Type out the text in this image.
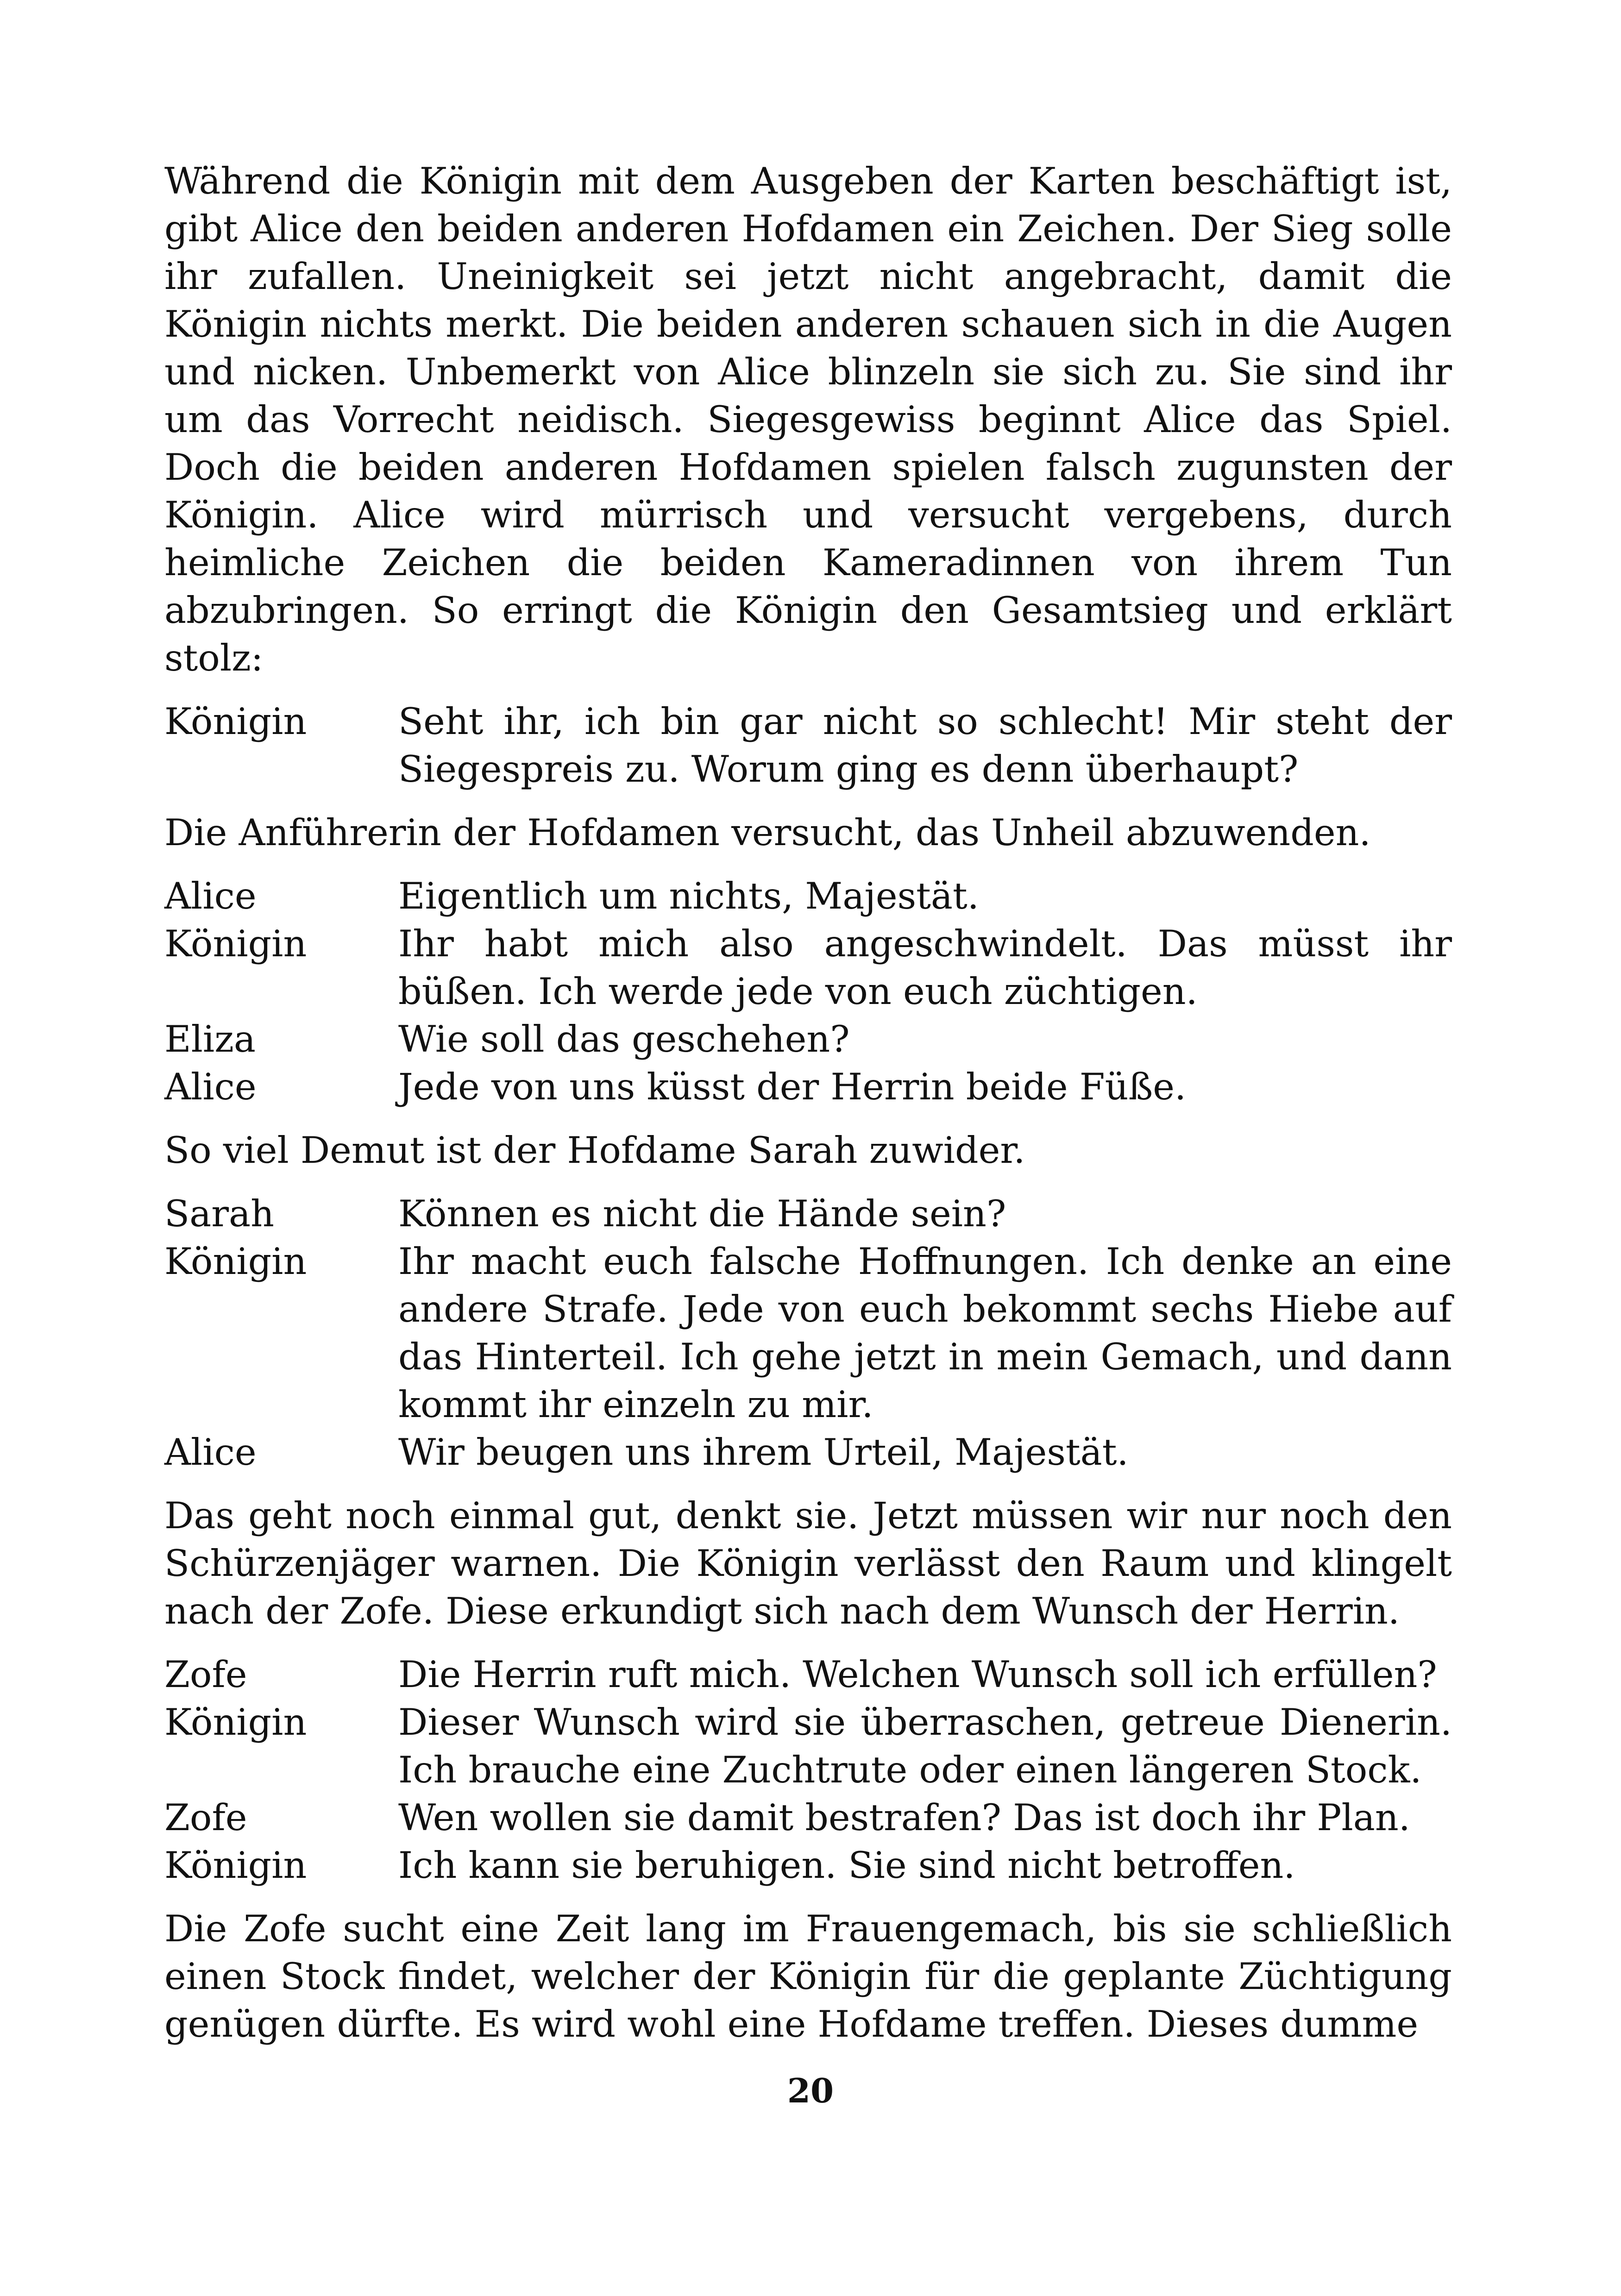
Während die Königin mit dem Ausgeben der Karten beschäftigt ist, gibt Alice den beiden anderen Hofdamen ein Zeichen. Der Sieg solle ihr zufallen. Uneinigkeit sei jetzt nicht angebracht, damit die Königin nichts merkt. Die beiden anderen schauen sich in die Augen und nicken. Unbemerkt von Alice blinzeln sie sich zu. Sie sind ihr um das Vorrecht neidisch. Siegesgewiss beginnt Alice das Spiel. Doch die beiden anderen Hofdamen spielen falsch zugunsten der Königin. Alice wird mürrisch und versucht vergebens, durch heimliche Zeichen die beiden Kameradinnen von ihrem Tun abzubringen. So erringt die Königin den Gesamtsieg und erklärt stolz:

Königin	Seht ihr, ich bin gar nicht so schlecht! Mir steht der Siegespreis zu. Worum ging es denn überhaupt?

Die Anführerin der Hofdamen versucht, das Unheil abzuwenden.

Alice	Eigentlich um nichts, Majestät.
Königin	Ihr habt mich also angeschwindelt. Das müsst ihr büßen. Ich werde jede von euch züchtigen.
Eliza	Wie soll das geschehen?
Alice	Jede von uns küsst der Herrin beide Füße.

So viel Demut ist der Hofdame Sarah zuwider.

Sarah	Können es nicht die Hände sein?
Königin	Ihr macht euch falsche Hoffnungen. Ich denke an eine andere Strafe. Jede von euch bekommt sechs Hiebe auf das Hinterteil. Ich gehe jetzt in mein Gemach, und dann kommt ihr einzeln zu mir.
Alice	Wir beugen uns ihrem Urteil, Majestät.

Das geht noch einmal gut, denkt sie. Jetzt müssen wir nur noch den Schürzenjäger warnen. Die Königin verlässt den Raum und klingelt nach der Zofe. Diese erkundigt sich nach dem Wunsch der Herrin.

Zofe	Die Herrin ruft mich. Welchen Wunsch soll ich erfüllen?
Königin	Dieser Wunsch wird sie überraschen, getreue Dienerin. Ich brauche eine Zuchtrute oder einen längeren Stock.
Zofe	Wen wollen sie damit bestrafen? Das ist doch ihr Plan.
Königin	Ich kann sie beruhigen. Sie sind nicht betroffen.

Die Zofe sucht eine Zeit lang im Frauengemach, bis sie schließlich einen Stock findet, welcher der Königin für die geplante Züchtigung genügen dürfte. Es wird wohl eine Hofdame treffen. Dieses dumme

20
